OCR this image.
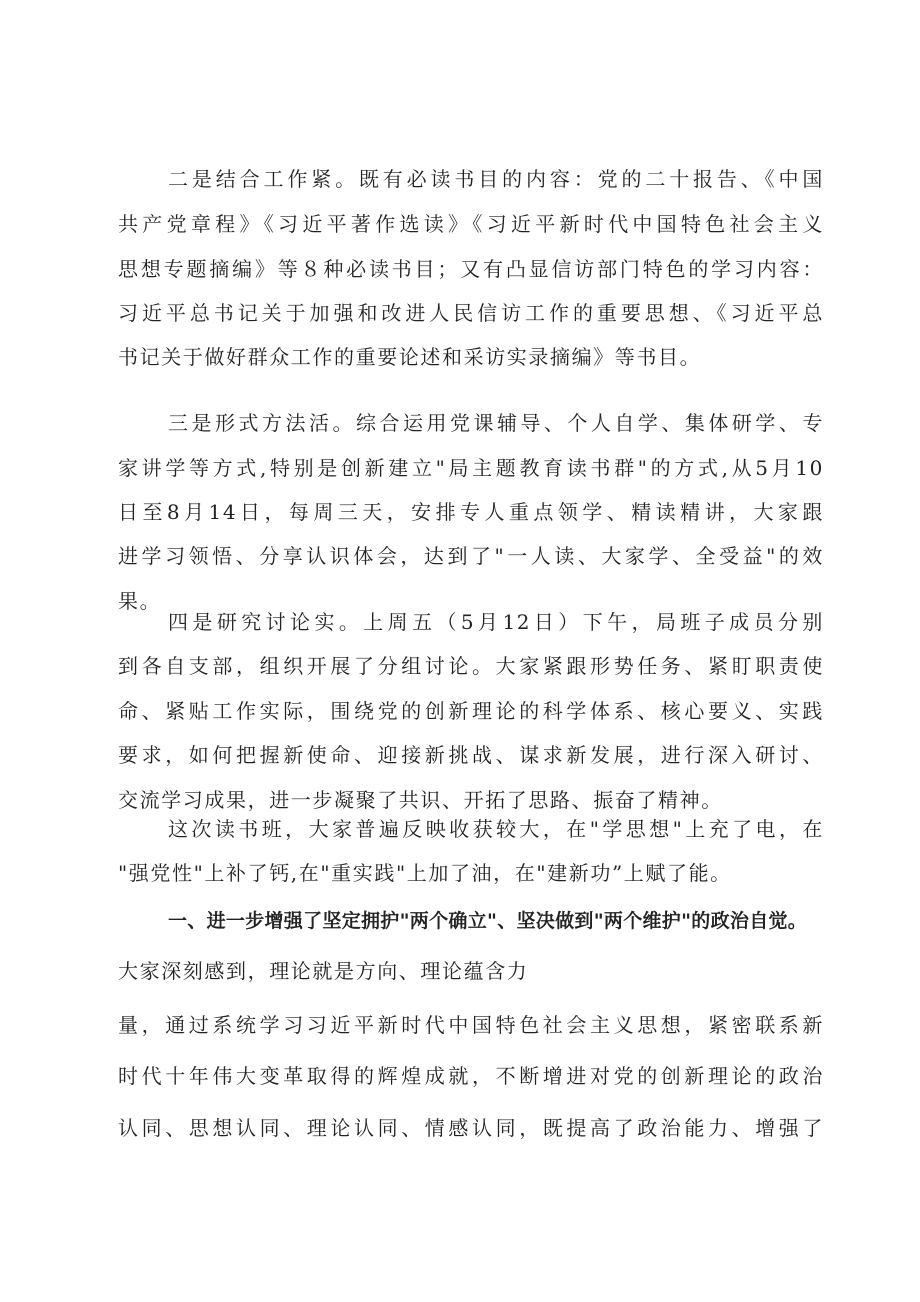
二是结合工作紧。既有必读书目的内容：党的二十报告、《中国
共产党章程》《习近平著作选读》《习近平新时代中国特色社会主义
思想专题摘编》等８种必读书目；又有凸显信访部门特色的学习内容：
习近平总书记关于加强和改进人民信访工作的重要思想、《习近平总
书记关于做好群众工作的重要论述和采访实录摘编》等书目。
三是形式方法活。综合运用党课辅导、个人自学、集体研学、专
家讲学等方式,特别是创新建立"局主题教育读书群"的方式,从5月10
日至8月14日，每周三天，安排专人重点领学、精读精讲，大家跟
进学习领悟、分享认识体会，达到了"一人读、大家学、全受益"的效
果。
四是研究讨论实。上周五（5月12日）下午，局班子成员分别
到各自支部，组织开展了分组讨论。大家紧跟形势任务、紧盯职责使
命、紧贴工作实际，围绕党的创新理论的科学体系、核心要义、实践
要求，如何把握新使命、迎接新挑战、谋求新发展，进行深入研讨、
交流学习成果，进一步凝聚了共识、开拓了思路、振奋了精神。
这次读书班，大家普遍反映收获较大，在"学思想"上充了电，在
"强党性"上补了钙,在"重实践"上加了油，在"建新功”上赋了能。
一、进一步增强了坚定拥护"两个确立"、坚决做到"两个维护"的政治自觉。
大家深刻感到，理论就是方向、理论蕴含力
量，通过系统学习习近平新时代中国特色社会主义思想，紧密联系新
时代十年伟大变革取得的辉煌成就，不断增进对党的创新理论的政治
认同、思想认同、理论认同、情感认同，既提高了政治能力、增强了
